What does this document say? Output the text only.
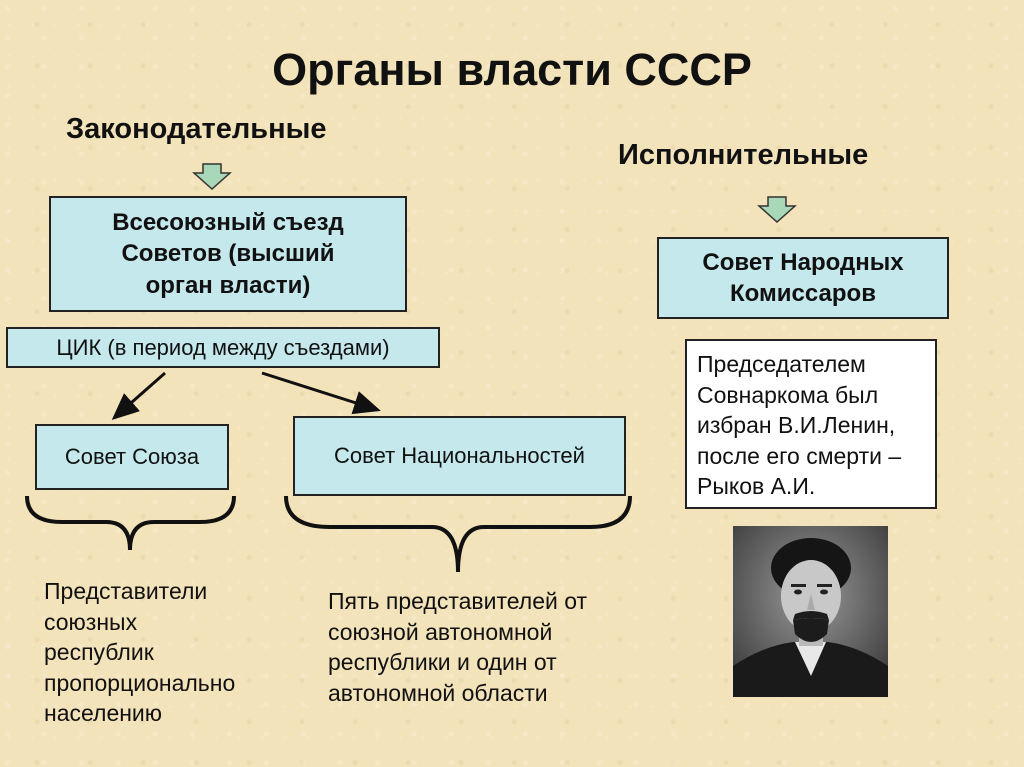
Органы власти СССР
Законодательные
Исполнительные
Всесоюзный съезд
Советов (высший
орган власти)
ЦИК (в период между съездами)
Совет Союза	Совет Национальностей
Представители
союзных
республик
пропорционально
населению
Пять представителей от
союзной автономной
республики и один от
автономной области
Совет Народных
Комиссаров
Председателем
Совнаркома был
избран В.И.Ленин,
после его смерти –
Рыков А.И.
